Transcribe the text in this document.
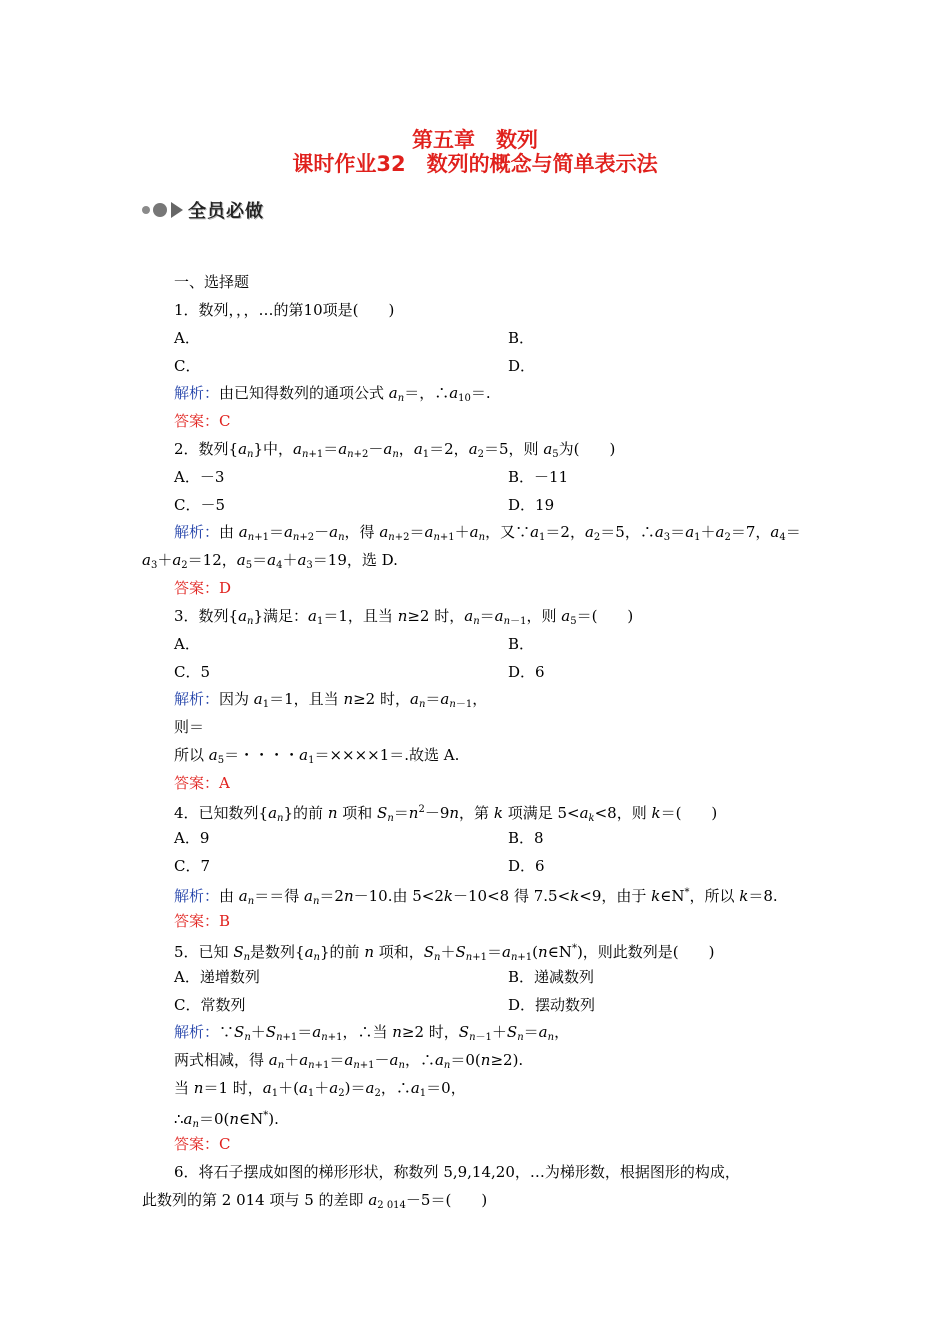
第五章　数列
课时作业32　数列的概念与简单表示法
全员必做
一、选择题
1．数列，，，…的第10项是(　　)
A．	B．
C．	D．
解析：由已知得数列的通项公式 $a_n=$，$\therefore a_{10}=$.
答案：C
2．数列$\{a_n\}$中，$a_{n+1}=a_{n+2}-a_n$，$a_1=2$，$a_2=5$，则 $a_5$为(　　)
A．－3	B．－11
C．－5	D．19
解析：由 $a_{n+1}=a_{n+2}-a_n$，得 $a_{n+2}=a_{n+1}+a_n$，又$\because a_1=2$，$a_2=5$，$\therefore a_3=a_1+a_2=7$，$a_4=$
$a_3+a_2=12$，$a_5=a_4+a_3=19$，选 D.
答案：D
3．数列$\{a_n\}$满足：$a_1=1$，且当 n≥2 时，$a_n=a_{n-1}$，则 $a_5=$(　　)
A．	B．
C．5	D．6
解析：因为 $a_1=1$，且当 n≥2 时，$a_n=a_{n-1}$，
则＝
所以 $a_5=$・・・・$a_1=\times\times\times\times 1=$.故选 A.
答案：A
4．已知数列$\{a_n\}$的前 n 项和 $S_n=n^2-9n$，第 k 项满足 $5<a_k<8$，则 k＝(　　)
A．9	B．8
C．7	D．6
解析：由 $a_n==$得 $a_n=2n-10$.由 5<2k－10<8 得 7.5<k<9，由于 k∈N*，所以 k＝8.
答案：B
5．已知 $S_n$是数列$\{a_n\}$的前 n 项和，$S_n+S_{n+1}=a_{n+1}(n\in N^*)$，则此数列是(　　)
A．递增数列	B．递减数列
C．常数列	D．摆动数列
解析：$\because S_n+S_{n+1}=a_{n+1}$，∴当 n≥2 时，$S_{n-1}+S_n=a_n$，
两式相减，得 $a_n+a_{n+1}=a_{n+1}-a_n$，$\therefore a_n=0(n\ge 2)$.
当 n＝1 时，$a_1+(a_1+a_2)=a_2$，$\therefore a_1=0$，
$\therefore a_n=0(n\in N^*)$.
答案：C
6．将石子摆成如图的梯形形状，称数列 5,9,14,20，…为梯形数，根据图形的构成，
此数列的第 2 014 项与 5 的差即 $a_{2 014}-5=$(　　)
